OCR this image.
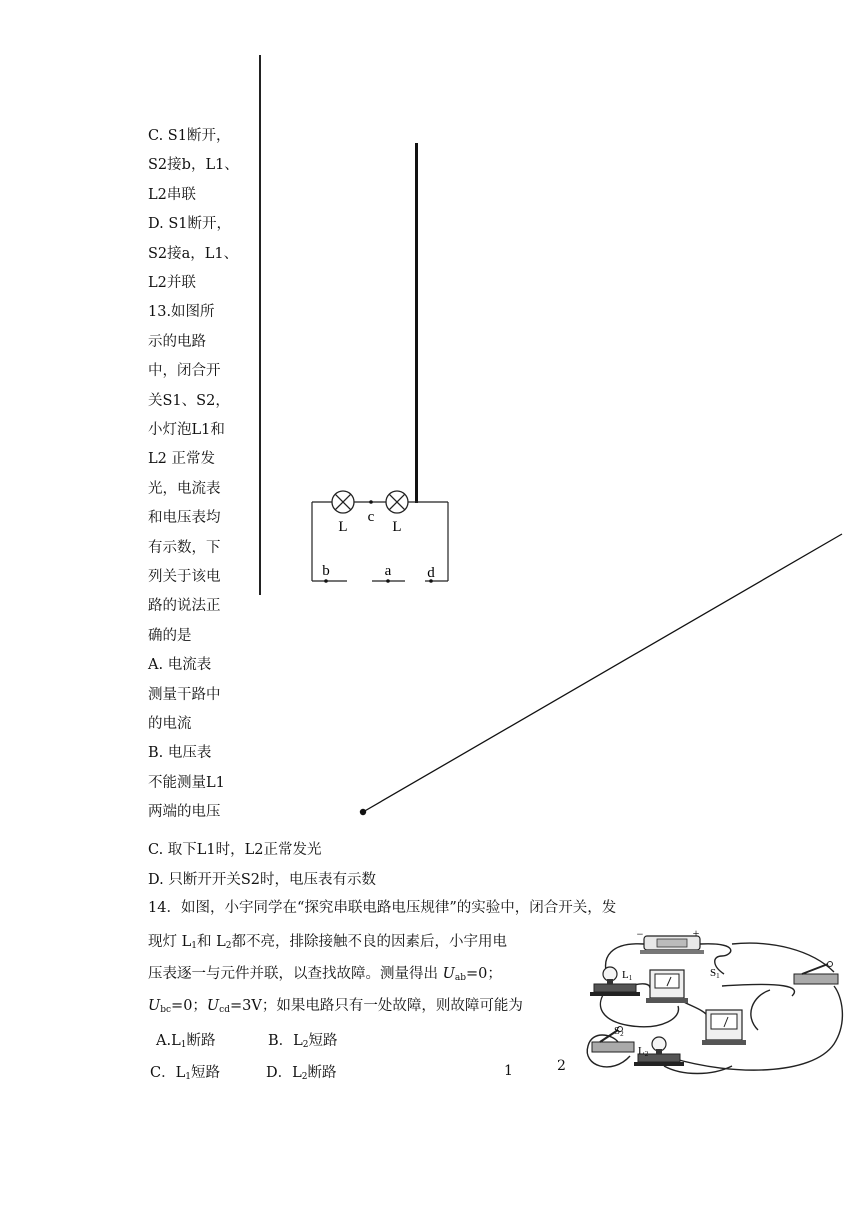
C. S1断开，
S2接b，L1、
L2串联
D. S1断开，
S2接a，L1、
L2并联
13.如图所
示的电路
中，闭合开
关S1、S2，
小灯泡L1和
L2 正常发
光，电流表
和电压表均
有示数，下
列关于该电
路的说法正
确的是
A. 电流表
测量干路中
的电流
B. 电压表
不能测量L1
两端的电压
L	L
c
b	a d
C. 取下L1时，L2正常发光
D. 只断开开关S2时，电压表有示数
14．如图，小宇同学在“探究串联电路电压规律”的实验中，闭合开关，发
现灯 $L_1$和 $L_2$都不亮，排除接触不良的因素后，小宇用电
压表逐一与元件并联，以查找故障。测量得出 $U_{ab}=0$；
$U_{bc}=0$；$U_{cd}=3V$；如果电路只有一处故障，则故障可能为
$A.L_1$断路	B．$L_2$短路
C．$L_1$短路	D．$L_2$断路	1	2
−	+
L1	S1
S2
L2
